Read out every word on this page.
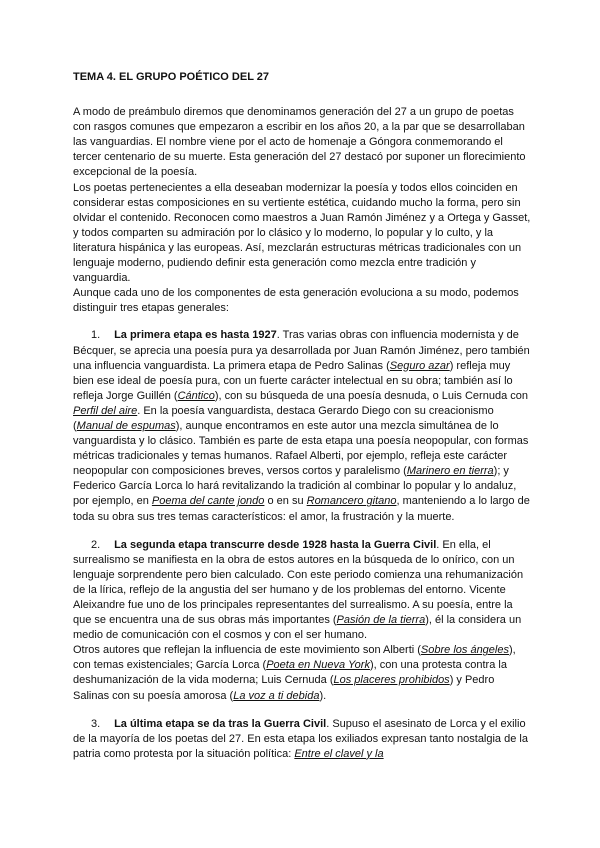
TEMA 4. EL GRUPO POÉTICO DEL 27

A modo de preámbulo diremos que denominamos generación del 27 a un grupo de poetas con rasgos comunes que empezaron a escribir en los años 20, a la par que se desarrollaban las vanguardias. El nombre viene por el acto de homenaje a Góngora conmemorando el tercer centenario de su muerte. Esta generación del 27 destacó por suponer un florecimiento excepcional de la poesía.

Los poetas pertenecientes a ella deseaban modernizar la poesía y todos ellos coinciden en considerar estas composiciones en su vertiente estética, cuidando mucho la forma, pero sin olvidar el contenido. Reconocen como maestros a Juan Ramón Jiménez y a Ortega y Gasset, y todos comparten su admiración por lo clásico y lo moderno, lo popular y lo culto, y la literatura hispánica y las europeas. Así, mezclarán estructuras métricas tradicionales con un lenguaje moderno, pudiendo definir esta generación como mezcla entre tradición y vanguardia.

Aunque cada uno de los componentes de esta generación evoluciona a su modo, podemos distinguir tres etapas generales:

1. La primera etapa es hasta 1927. Tras varias obras con influencia modernista y de Bécquer, se aprecia una poesía pura ya desarrollada por Juan Ramón Jiménez, pero también una influencia vanguardista. La primera etapa de Pedro Salinas (Seguro azar) refleja muy bien ese ideal de poesía pura, con un fuerte carácter intelectual en su obra; también así lo refleja Jorge Guillén (Cántico), con su búsqueda de una poesía desnuda, o Luis Cernuda con Perfil del aire. En la poesía vanguardista, destaca Gerardo Diego con su creacionismo (Manual de espumas), aunque encontramos en este autor una mezcla simultánea de lo vanguardista y lo clásico. También es parte de esta etapa una poesía neopopular, con formas métricas tradicionales y temas humanos. Rafael Alberti, por ejemplo, refleja este carácter neopopular con composiciones breves, versos cortos y paralelismo (Marinero en tierra); y Federico García Lorca lo hará revitalizando la tradición al combinar lo popular y lo andaluz, por ejemplo, en Poema del cante jondo o en su Romancero gitano, manteniendo a lo largo de toda su obra sus tres temas característicos: el amor, la frustración y la muerte.

2. La segunda etapa transcurre desde 1928 hasta la Guerra Civil. En ella, el surrealismo se manifiesta en la obra de estos autores en la búsqueda de lo onírico, con un lenguaje sorprendente pero bien calculado. Con este periodo comienza una rehumanización de la lírica, reflejo de la angustia del ser humano y de los problemas del entorno. Vicente Aleixandre fue uno de los principales representantes del surrealismo. A su poesía, entre la que se encuentra una de sus obras más importantes (Pasión de la tierra), él la considera un medio de comunicación con el cosmos y con el ser humano.
Otros autores que reflejan la influencia de este movimiento son Alberti (Sobre los ángeles), con temas existenciales; García Lorca (Poeta en Nueva York), con una protesta contra la deshumanización de la vida moderna; Luis Cernuda (Los placeres prohibidos) y Pedro Salinas con su poesía amorosa (La voz a ti debida).

3. La última etapa se da tras la Guerra Civil. Supuso el asesinato de Lorca y el exilio de la mayoría de los poetas del 27. En esta etapa los exiliados expresan tanto nostalgia de la patria como protesta por la situación política: Entre el clavel y la
